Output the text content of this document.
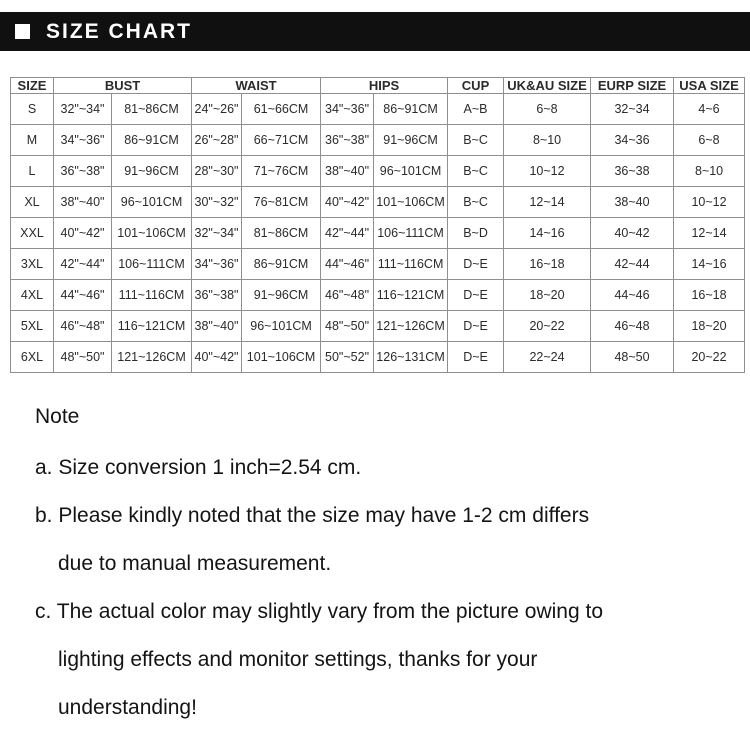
SIZE CHART
SIZE	BUST		WAIST		HIPS		CUP	UK&AU SIZE	EURP SIZE	USA SIZE
S	32"~34"	81~86CM	24"~26"	61~66CM	34"~36"	86~91CM	A~B	6~8	32~34	4~6
M	34"~36"	86~91CM	26"~28"	66~71CM	36"~38"	91~96CM	B~C	8~10	34~36	6~8
L	36"~38"	91~96CM	28"~30"	71~76CM	38"~40"	96~101CM	B~C	10~12	36~38	8~10
XL	38"~40"	96~101CM	30"~32"	76~81CM	40"~42"	101~106CM	B~C	12~14	38~40	10~12
XXL	40"~42"	101~106CM	32"~34"	81~86CM	42"~44"	106~111CM	B~D	14~16	40~42	12~14
3XL	42"~44"	106~111CM	34"~36"	86~91CM	44"~46"	111~116CM	D~E	16~18	42~44	14~16
4XL	44"~46"	111~116CM	36"~38"	91~96CM	46"~48"	116~121CM	D~E	18~20	44~46	16~18
5XL	46"~48"	116~121CM	38"~40"	96~101CM	48"~50"	121~126CM	D~E	20~22	46~48	18~20
6XL	48"~50"	121~126CM	40"~42"	101~106CM	50"~52"	126~131CM	D~E	22~24	48~50	20~22
Note
a. Size conversion 1 inch=2.54 cm.
b. Please kindly noted that the size may have 1-2 cm differs
due to manual measurement.
c. The actual color may slightly vary from the picture owing to
lighting effects and monitor settings, thanks for your
understanding!
